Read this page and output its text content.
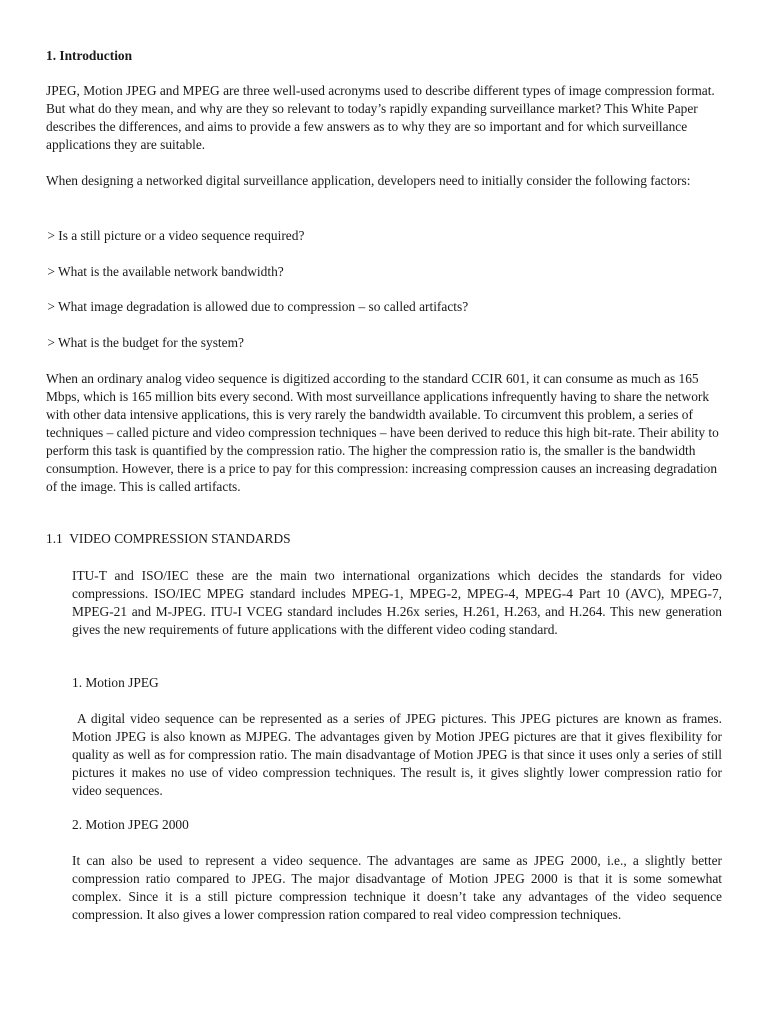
1. Introduction

JPEG, Motion JPEG and MPEG are three well-used acronyms used to describe different types of image compression format. But what do they mean, and why are they so relevant to today’s rapidly expanding surveillance market? This White Paper describes the differences, and aims to provide a few answers as to why they are so important and for which surveillance applications they are suitable.

When designing a networked digital surveillance application, developers need to initially consider the following factors:

> Is a still picture or a video sequence required?

> What is the available network bandwidth?

> What image degradation is allowed due to compression – so called artifacts?

> What is the budget for the system?

When an ordinary analog video sequence is digitized according to the standard CCIR 601, it can consume as much as 165 Mbps, which is 165 million bits every second. With most surveillance applications infrequently having to share the network with other data intensive applications, this is very rarely the bandwidth available. To circumvent this problem, a series of techniques – called picture and video compression techniques – have been derived to reduce this high bit-rate. Their ability to perform this task is quantified by the compression ratio. The higher the compression ratio is, the smaller is the bandwidth consumption. However, there is a price to pay for this compression: increasing compression causes an increasing degradation of the image. This is called artifacts.

1.1  VIDEO COMPRESSION STANDARDS

ITU-T and ISO/IEC these are the main two international organizations which decides the standards for video compressions. ISO/IEC MPEG standard includes MPEG-1, MPEG-2, MPEG-4, MPEG-4 Part 10 (AVC), MPEG-7, MPEG-21 and M-JPEG. ITU-I VCEG standard includes H.26x series, H.261, H.263, and H.264. This new generation gives the new requirements of future applications with the different video coding standard.

1. Motion JPEG

A digital video sequence can be represented as a series of JPEG pictures. This JPEG pictures are known as frames. Motion JPEG is also known as MJPEG. The advantages given by Motion JPEG pictures are that it gives flexibility for quality as well as for compression ratio. The main disadvantage of Motion JPEG is that since it uses only a series of still pictures it makes no use of video compression techniques. The result is, it gives slightly lower compression ratio for video sequences.

2. Motion JPEG 2000

It can also be used to represent a video sequence. The advantages are same as JPEG 2000, i.e., a slightly better compression ratio compared to JPEG. The major disadvantage of Motion JPEG 2000 is that it is some somewhat complex. Since it is a still picture compression technique it doesn’t take any advantages of the video sequence compression. It also gives a lower compression ration compared to real video compression techniques.
